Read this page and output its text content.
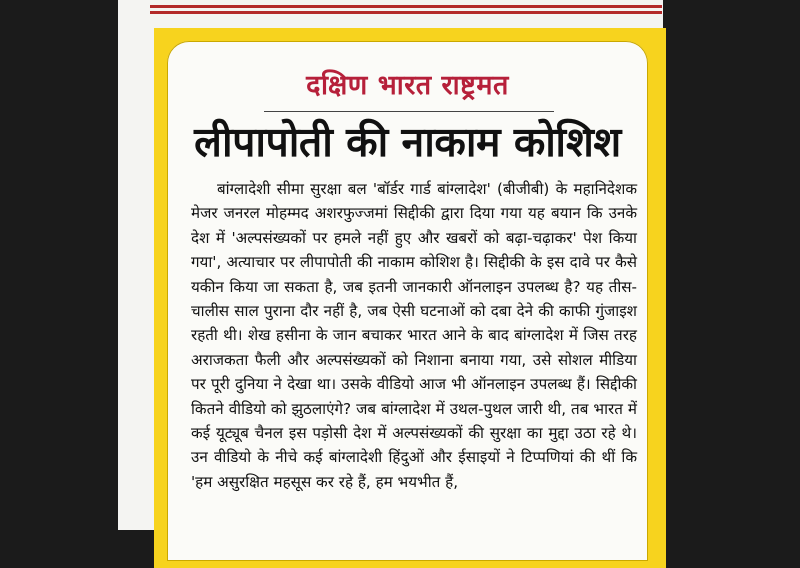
दक्षिण भारत राष्ट्रमत
लीपापोती की नाकाम कोशिश

बांग्लादेशी सीमा सुरक्षा बल 'बॉर्डर गार्ड बांग्लादेश' (बीजीबी) के महानिदेशक मेजर जनरल मोहम्मद अशरफुज्जमां सिद्दीकी द्वारा दिया गया यह बयान कि उनके देश में 'अल्पसंख्यकों पर हमले नहीं हुए और खबरों को बढ़ा-चढ़ाकर' पेश किया गया', अत्याचार पर लीपापोती की नाकाम कोशिश है। सिद्दीकी के इस दावे पर कैसे यकीन किया जा सकता है, जब इतनी जानकारी ऑनलाइन उपलब्ध है? यह तीस-चालीस साल पुराना दौर नहीं है, जब ऐसी घटनाओं को दबा देने की काफी गुंजाइश रहती थी। शेख हसीना के जान बचाकर भारत आने के बाद बांग्लादेश में जिस तरह अराजकता फैली और अल्पसंख्यकों को निशाना बनाया गया, उसे सोशल मीडिया पर पूरी दुनिया ने देखा था। उसके वीडियो आज भी ऑनलाइन उपलब्ध हैं। सिद्दीकी कितने वीडियो को झुठलाएंगे? जब बांग्लादेश में उथल-पुथल जारी थी, तब भारत में कई यूट्यूब चैनल इस पड़ोसी देश में अल्पसंख्यकों की सुरक्षा का मुद्दा उठा रहे थे। उन वीडियो के नीचे कई बांग्लादेशी हिंदुओं और ईसाइयों ने टिप्पणियां की थीं कि 'हम असुरक्षित महसूस कर रहे हैं, हम भयभीत हैं,
